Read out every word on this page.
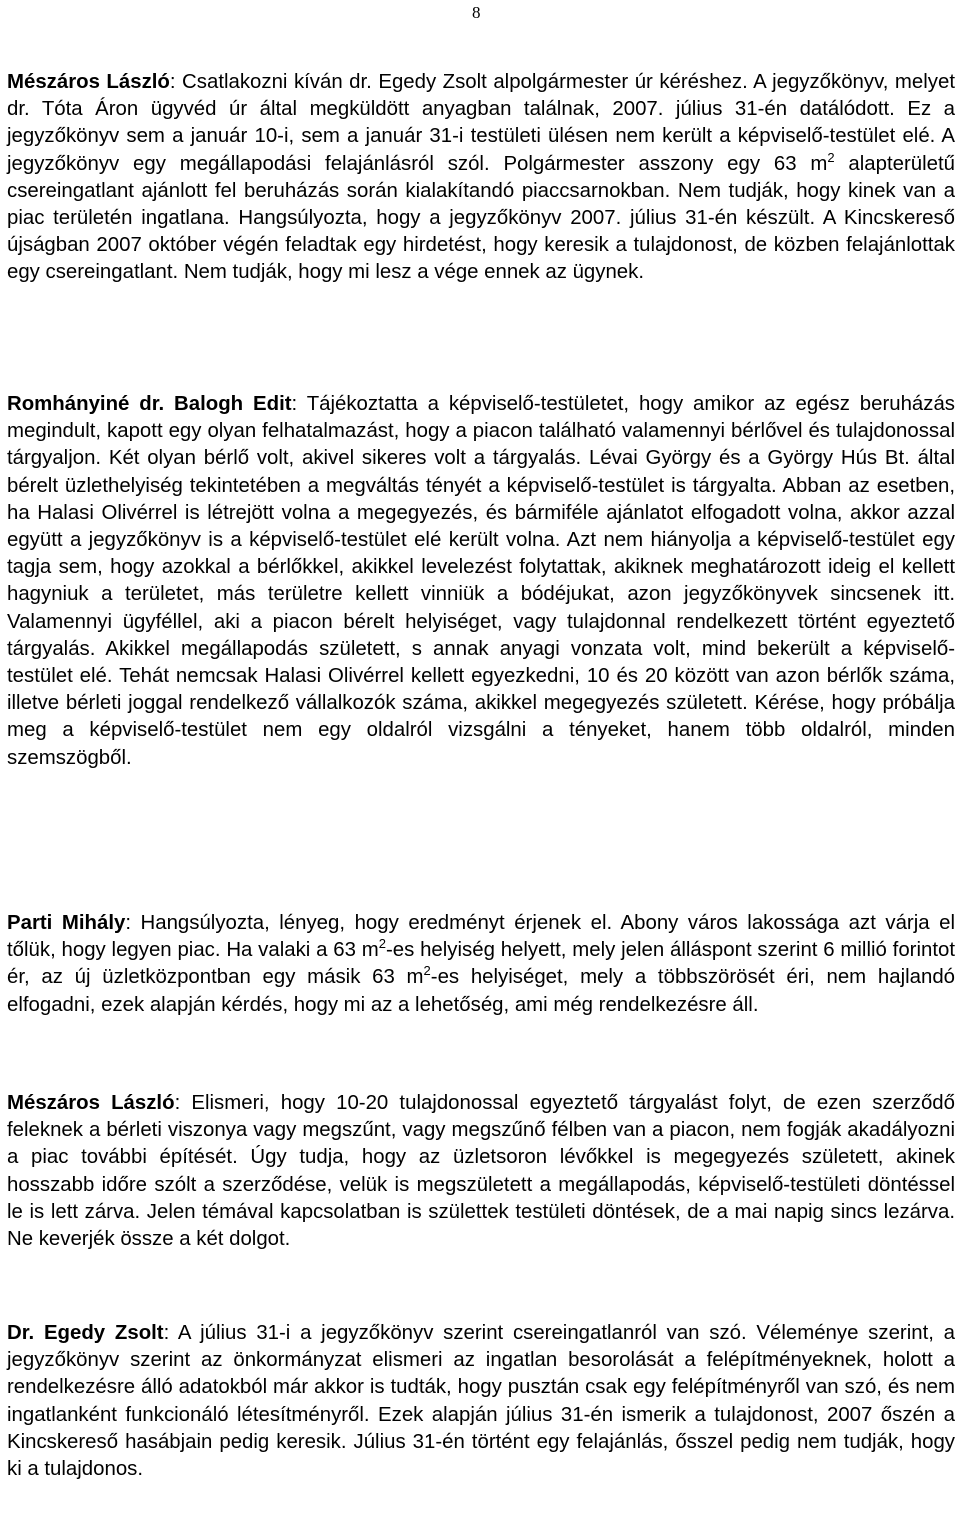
8

Mészáros László: Csatlakozni kíván dr. Egedy Zsolt alpolgármester úr kéréshez. A jegyzőkönyv, melyet dr. Tóta Áron ügyvéd úr által megküldött anyagban találnak, 2007. július 31-én datálódott. Ez a jegyzőkönyv sem a január 10-i, sem a január 31-i testületi ülésen nem került a képviselő-testület elé. A jegyzőkönyv egy megállapodási felajánlásról szól. Polgármester asszony egy 63 $m^2$ alapterületű csereingatlant ajánlott fel beruházás során kialakítandó piaccsarnokban. Nem tudják, hogy kinek van a piac területén ingatlana. Hangsúlyozta, hogy a jegyzőkönyv 2007. július 31-én készült. A Kincskereső újságban 2007 október végén feladtak egy hirdetést, hogy keresik a tulajdonost, de közben felajánlottak egy csereingatlant. Nem tudják, hogy mi lesz a vége ennek az ügynek.

Romhányiné dr. Balogh Edit: Tájékoztatta a képviselő-testületet, hogy amikor az egész beruházás megindult, kapott egy olyan felhatalmazást, hogy a piacon található valamennyi bérlővel és tulajdonossal tárgyaljon. Két olyan bérlő volt, akivel sikeres volt a tárgyalás. Lévai György és a György Hús Bt. által bérelt üzlethelyiség tekintetében a megváltás tényét a képviselő-testület is tárgyalta. Abban az esetben, ha Halasi Olivérrel is létrejött volna a megegyezés, és bármiféle ajánlatot elfogadott volna, akkor azzal együtt a jegyzőkönyv is a képviselő-testület elé került volna. Azt nem hiányolja a képviselő-testület egy tagja sem, hogy azokkal a bérlőkkel, akikkel levelezést folytattak, akiknek meghatározott ideig el kellett hagyniuk a területet, más területre kellett vinniük a bódéjukat, azon jegyzőkönyvek sincsenek itt. Valamennyi ügyféllel, aki a piacon bérelt helyiséget, vagy tulajdonnal rendelkezett történt egyeztető tárgyalás. Akikkel megállapodás született, s annak anyagi vonzata volt, mind bekerült a képviselő-testület elé. Tehát nemcsak Halasi Olivérrel kellett egyezkedni, 10 és 20 között van azon bérlők száma, illetve bérleti joggal rendelkező vállalkozók száma, akikkel megegyezés született. Kérése, hogy próbálja meg a képviselő-testület nem egy oldalról vizsgálni a tényeket, hanem több oldalról, minden szemszögből.

Parti Mihály: Hangsúlyozta, lényeg, hogy eredményt érjenek el. Abony város lakossága azt várja el tőlük, hogy legyen piac. Ha valaki a 63 $m^2-es$ helyiség helyett, mely jelen álláspont szerint 6 millió forintot ér, az új üzletközpontban egy másik 63 $m^2-es$ helyiséget, mely a többszörösét éri, nem hajlandó elfogadni, ezek alapján kérdés, hogy mi az a lehetőség, ami még rendelkezésre áll.

Mészáros László: Elismeri, hogy 10-20 tulajdonossal egyeztető tárgyalást folyt, de ezen szerződő feleknek a bérleti viszonya vagy megszűnt, vagy megszűnő félben van a piacon, nem fogják akadályozni a piac további építését. Úgy tudja, hogy az üzletsoron lévőkkel is megegyezés született, akinek hosszabb időre szólt a szerződése, velük is megszületett a megállapodás, képviselő-testületi döntéssel le is lett zárva. Jelen témával kapcsolatban is születtek testületi döntések, de a mai napig sincs lezárva. Ne keverjék össze a két dolgot.

Dr. Egedy Zsolt: A július 31-i a jegyzőkönyv szerint csereingatlanról van szó. Véleménye szerint, a jegyzőkönyv szerint az önkormányzat elismeri az ingatlan besorolását a felépítményeknek, holott a rendelkezésre álló adatokból már akkor is tudták, hogy pusztán csak egy felépítményről van szó, és nem ingatlanként funkcionáló létesítményről. Ezek alapján július 31-én ismerik a tulajdonost, 2007 őszén a Kincskereső hasábjain pedig keresik. Július 31-én történt egy felajánlás, ősszel pedig nem tudják, hogy ki a tulajdonos.
